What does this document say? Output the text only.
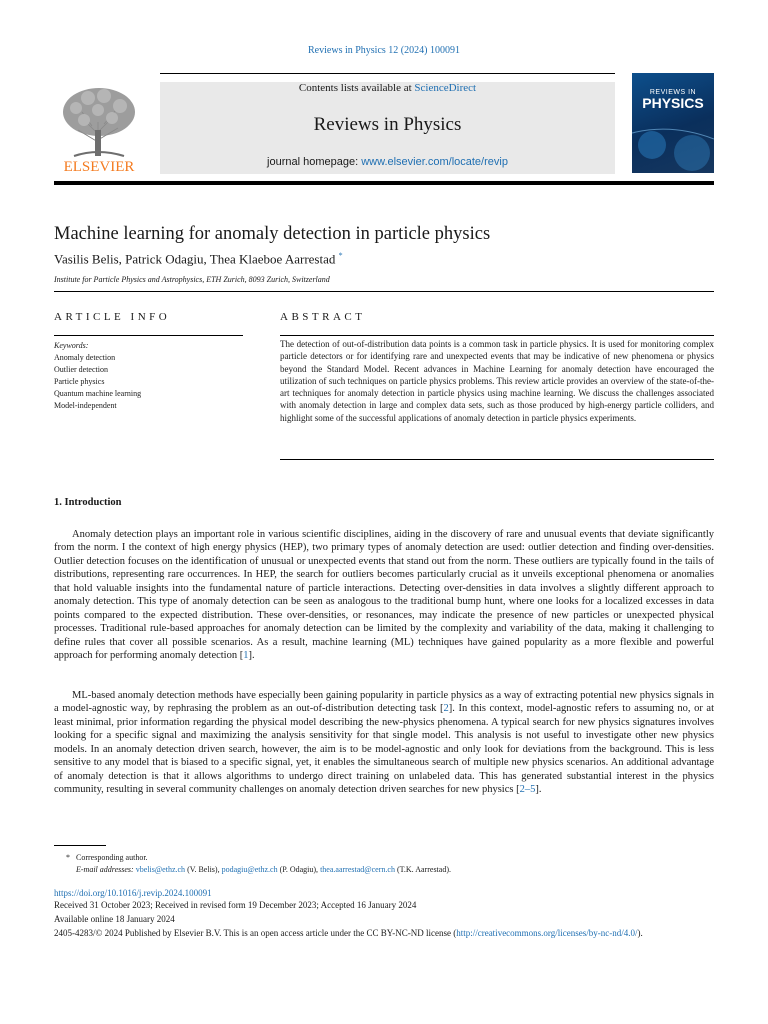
Reviews in Physics 12 (2024) 100091
ELSEVIER
Contents lists available at ScienceDirect
Reviews in Physics
journal homepage: www.elsevier.com/locate/revip
REVIEWS IN
PHYSICS
Machine learning for anomaly detection in particle physics
Vasilis Belis, Patrick Odagiu, Thea Klaeboe Aarrestad *
Institute for Particle Physics and Astrophysics, ETH Zurich, 8093 Zurich, Switzerland
ARTICLE INFO	ABSTRACT
Keywords:
Anomaly detection
Outlier detection
Particle physics
Quantum machine learning
Model-independent
The detection of out-of-distribution data points is a common task in particle physics. It is used for monitoring complex particle detectors or for identifying rare and unexpected events that may be indicative of new phenomena or physics beyond the Standard Model. Recent advances in Machine Learning for anomaly detection have encouraged the utilization of such techniques on particle physics problems. This review article provides an overview of the state-of-the-art techniques for anomaly detection in particle physics using machine learning. We discuss the challenges associated with anomaly detection in large and complex data sets, such as those produced by high-energy particle colliders, and highlight some of the successful applications of anomaly detection in particle physics experiments.
1. Introduction
Anomaly detection plays an important role in various scientific disciplines, aiding in the discovery of rare and unusual events that deviate significantly from the norm. I the context of high energy physics (HEP), two primary types of anomaly detection are used: outlier detection and finding over-densities. Outlier detection focuses on the identification of unusual or unexpected events that stand out from the norm. These outliers are typically found in the tails of distributions, representing rare occurrences. In HEP, the search for outliers becomes particularly crucial as it unveils exceptional phenomena or anomalies that hold valuable insights into the fundamental nature of particle interactions. Detecting over-densities in data involves a slightly different approach to anomaly detection. This type of anomaly detection can be seen as analogous to the traditional bump hunt, where one looks for a localized excesses in data points compared to the expected distribution. These over-densities, or resonances, may indicate the presence of new particles or unexpected physical processes. Traditional rule-based approaches for anomaly detection can be limited by the complexity and variability of the data, making it challenging to define rules that cover all possible scenarios. As a result, machine learning (ML) techniques have gained popularity as a more flexible and powerful approach for performing anomaly detection [1].
ML-based anomaly detection methods have especially been gaining popularity in particle physics as a way of extracting potential new physics signals in a model-agnostic way, by rephrasing the problem as an out-of-distribution detecting task [2]. In this context, model-agnostic refers to assuming no, or at least minimal, prior information regarding the physical model describing the new-physics phenomena. A typical search for new physics signatures involves looking for a specific signal and maximizing the analysis sensitivity for that single model. This analysis is not useful to investigate other new physics models. In an anomaly detection driven search, however, the aim is to be model-agnostic and only look for deviations from the background. This is less sensitive to any model that is biased to a specific signal, yet, it enables the simultaneous search of multiple new physics scenarios. An additional advantage of anomaly detection is that it allows algorithms to undergo direct training on unlabeled data. This has generated substantial interest in the physics community, resulting in several community challenges on anomaly detection driven searches for new physics [2–5].
* Corresponding author.
E-mail addresses: vbelis@ethz.ch (V. Belis), podagiu@ethz.ch (P. Odagiu), thea.aarrestad@cern.ch (T.K. Aarrestad).
https://doi.org/10.1016/j.revip.2024.100091
Received 31 October 2023; Received in revised form 19 December 2023; Accepted 16 January 2024
Available online 18 January 2024
2405-4283/© 2024 Published by Elsevier B.V. This is an open access article under the CC BY-NC-ND license (http://creativecommons.org/licenses/by-nc-nd/4.0/).
